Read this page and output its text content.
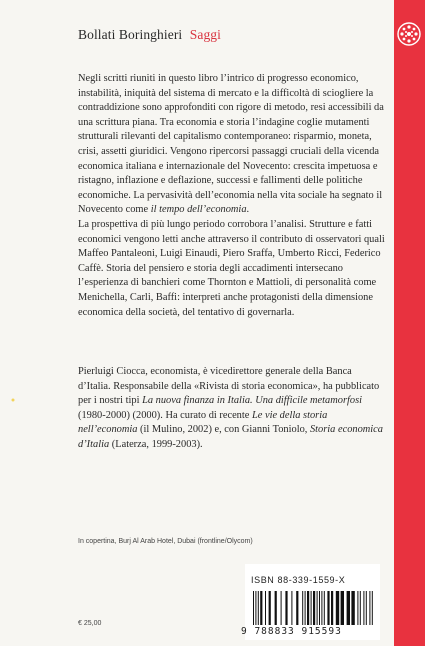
Bollati Boringhieri Saggi

Negli scritti riuniti in questo libro l’intrico di progresso economico, instabilità, iniquità del sistema di mercato e la difficoltà di sciogliere la contraddizione sono approfonditi con rigore di metodo, resi accessibili da una scrittura piana. Tra economia e storia l’indagine coglie mutamenti strutturali rilevanti del capitalismo contemporaneo: risparmio, moneta, crisi, assetti giuridici. Vengono ripercorsi passaggi cruciali della vicenda economica italiana e internazionale del Novecento: crescita impetuosa e ristagno, inflazione e deflazione, successi e fallimenti delle politiche economiche. La pervasività dell’economia nella vita sociale ha segnato il Novecento come il tempo dell’economia.

La prospettiva di più lungo periodo corrobora l’analisi. Strutture e fatti economici vengono letti anche attraverso il contributo di osservatori quali Maffeo Pantaleoni, Luigi Einaudi, Piero Sraffa, Umberto Ricci, Federico Caffè. Storia del pensiero e storia degli accadimenti intersecano l’esperienza di banchieri come Thornton e Mattioli, di personalità come Menichella, Carli, Baffi: interpreti anche protagonisti della dimensione economica della società, del tentativo di governarla.

Pierluigi Ciocca, economista, è vicedirettore generale della Banca d’Italia. Responsabile della «Rivista di storia economica», ha pubblicato per i nostri tipi La nuova finanza in Italia. Una difficile metamorfosi (1980-2000) (2000). Ha curato di recente Le vie della storia nell’economia (il Mulino, 2002) e, con Gianni Toniolo, Storia economica d’Italia (Laterza, 1999-2003).

In copertina, Burj Al Arab Hotel, Dubai (frontline/Olycom)
€ 25,00
ISBN 88-339-1559-X
9 788833 915593
